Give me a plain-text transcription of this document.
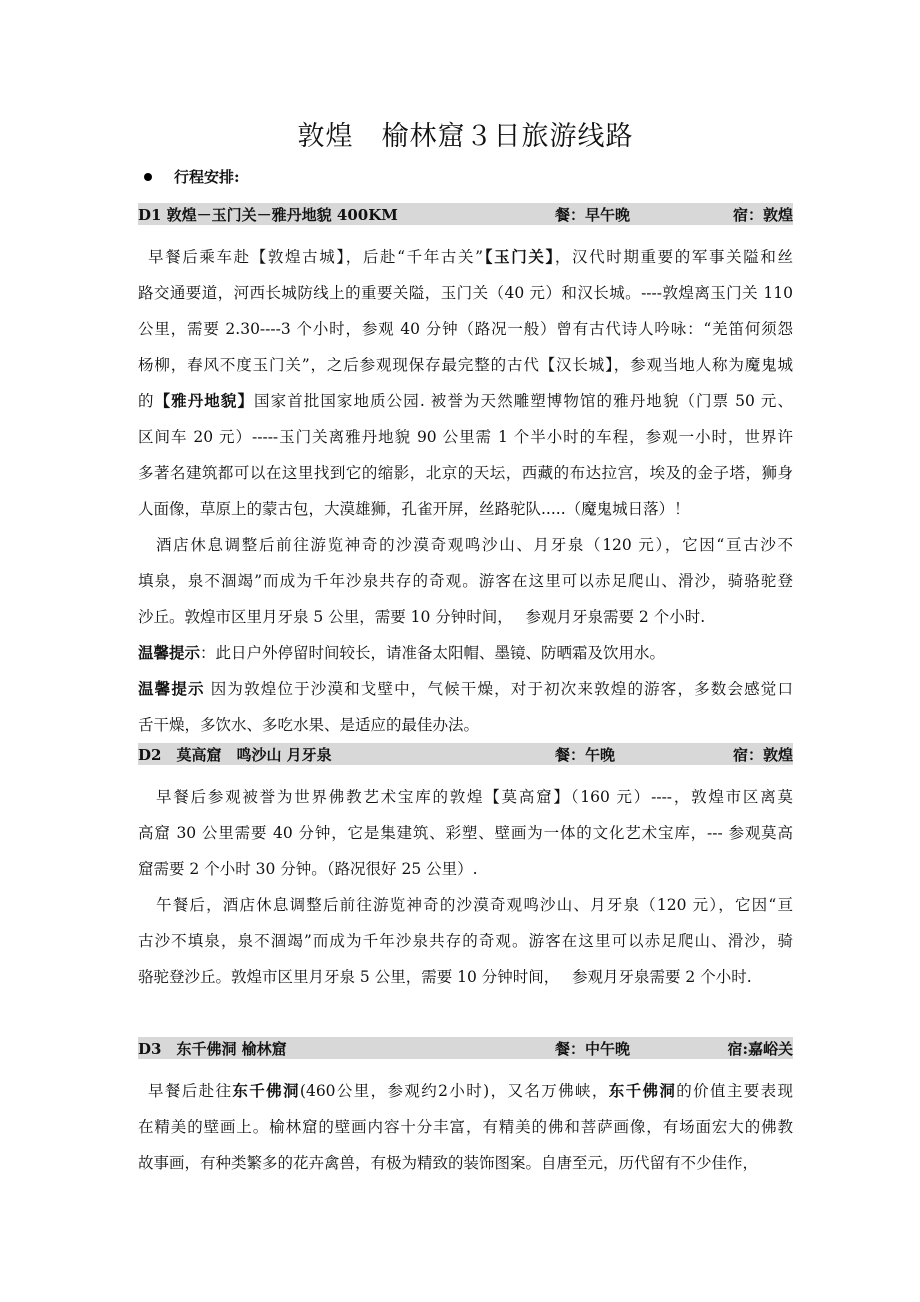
敦煌　榆林窟３日旅游线路
行程安排:
D1 敦煌－玉门关－雅丹地貌 400KM	餐：早午晚	宿：敦煌
早餐后乘车赴【敦煌古城】，后赴“千年古关”【玉门关】，汉代时期重要的军事关隘和丝
路交通要道，河西长城防线上的重要关隘，玉门关（40 元）和汉长城。----敦煌离玉门关 110
公里，需要 2.30----3 个小时，参观 40 分钟（路况一般）曾有古代诗人吟咏：“羌笛何须怨
杨柳，春风不度玉门关”，之后参观现保存最完整的古代【汉长城】，参观当地人称为魔鬼城
的【雅丹地貌】国家首批国家地质公园. 被誉为天然雕塑博物馆的雅丹地貌（门票 50 元、
区间车 20 元）-----玉门关离雅丹地貌 90 公里需 1 个半小时的车程，参观一小时，世界许
多著名建筑都可以在这里找到它的缩影，北京的天坛，西藏的布达拉宫，埃及的金子塔，狮身
人面像，草原上的蒙古包，大漠雄狮，孔雀开屏，丝路驼队.....（魔鬼城日落）！
酒店休息调整后前往游览神奇的沙漠奇观鸣沙山、月牙泉（120 元），它因“亘古沙不
填泉，泉不涸竭”而成为千年沙泉共存的奇观。游客在这里可以赤足爬山、滑沙，骑骆驼登
沙丘。敦煌市区里月牙泉 5 公里，需要 10 分钟时间，　 参观月牙泉需要 2 个小时.
温馨提示：此日户外停留时间较长，请准备太阳帽、墨镜、防晒霜及饮用水。
温馨提示 因为敦煌位于沙漠和戈壁中，气候干燥，对于初次来敦煌的游客，多数会感觉口
舌干燥，多饮水、多吃水果、是适应的最佳办法。
D2　莫高窟　鸣沙山 月牙泉	餐：午晚	宿：敦煌
早餐后参观被誉为世界佛教艺术宝库的敦煌【莫高窟】（160 元）----，敦煌市区离莫
高窟 30 公里需要 40 分钟，它是集建筑、彩塑、壁画为一体的文化艺术宝库，--- 参观莫高
窟需要 2 个小时 30 分钟。（路况很好 25 公里）.
午餐后，酒店休息调整后前往游览神奇的沙漠奇观鸣沙山、月牙泉（120 元），它因“亘
古沙不填泉，泉不涸竭”而成为千年沙泉共存的奇观。游客在这里可以赤足爬山、滑沙，骑
骆驼登沙丘。敦煌市区里月牙泉 5 公里，需要 10 分钟时间，　 参观月牙泉需要 2 个小时.
D3　东千佛洞 榆林窟	餐：中午晚	宿:嘉峪关
早餐后赴往东千佛洞(460公里，参观约2小时)，又名万佛峡，东千佛洞的价值主要表现
在精美的壁画上。榆林窟的壁画内容十分丰富，有精美的佛和菩萨画像，有场面宏大的佛教
故事画，有种类繁多的花卉禽兽，有极为精致的装饰图案。自唐至元，历代留有不少佳作，
